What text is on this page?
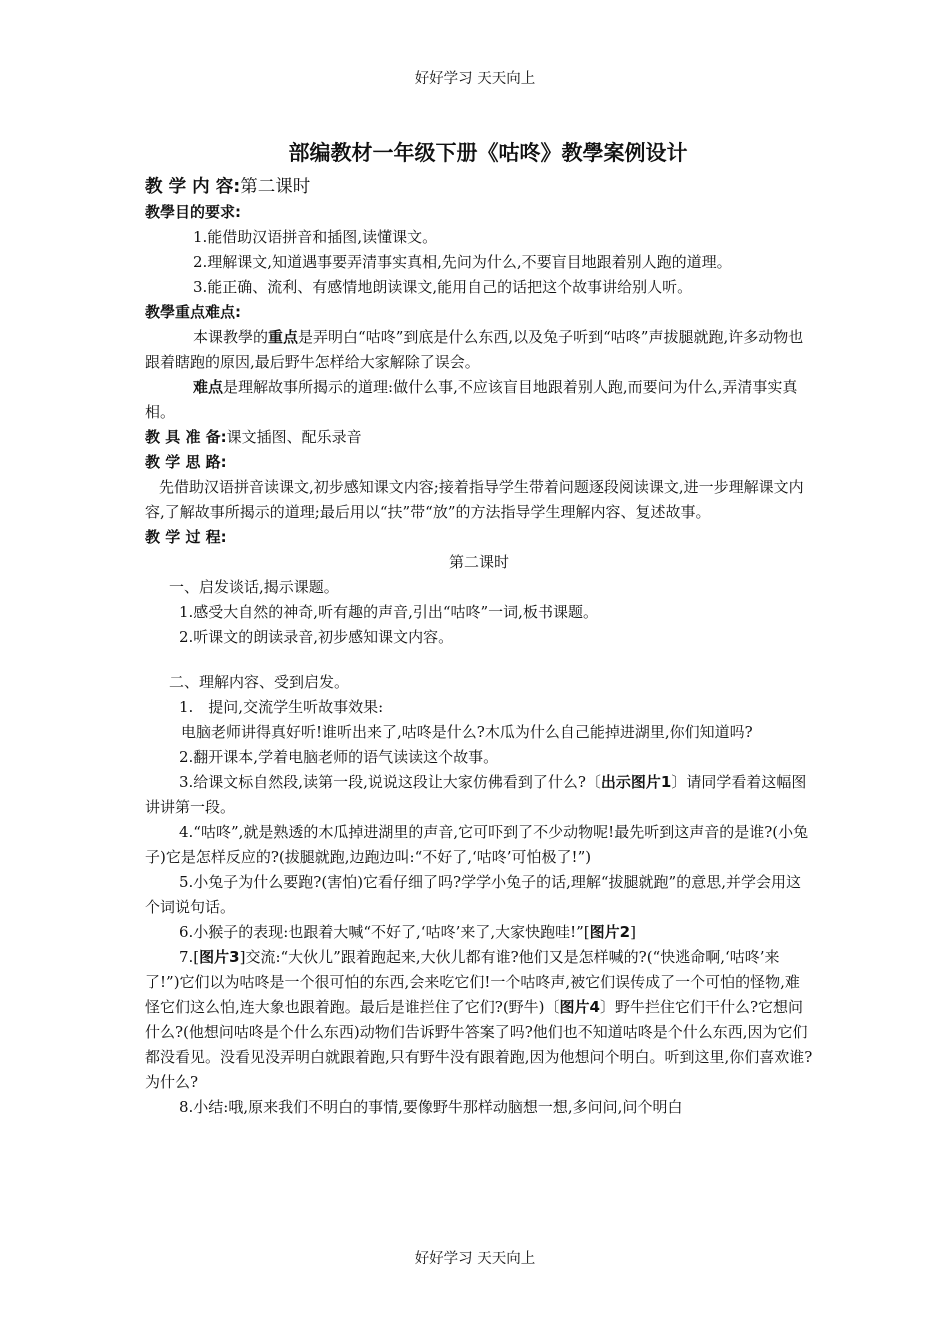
好好学习 天天向上
部编教材一年级下册《咕咚》教學案例设计

教 学 内 容:第二课时

教學目的要求:

1.能借助汉语拼音和插图,读懂课文。

2.理解课文,知道遇事要弄清事实真相,先问为什么,不要盲目地跟着别人跑的道理。

3.能正确、流利、有感情地朗读课文,能用自己的话把这个故事讲给别人听。

教學重点难点:

本课教學的重点是弄明白“咕咚”到底是什么东西,以及兔子听到“咕咚”声拔腿就跑,许多动物也跟着瞎跑的原因,最后野牛怎样给大家解除了误会。

难点是理解故事所揭示的道理:做什么事,不应该盲目地跟着别人跑,而要问为什么,弄清事实真相。

教 具 准 备:课文插图、配乐录音

教 学 思 路:

先借助汉语拼音读课文,初步感知课文内容;接着指导学生带着问题逐段阅读课文,进一步理解课文内容,了解故事所揭示的道理;最后用以“扶”带“放”的方法指导学生理解内容、复述故事。

教 学 过 程:

第二课时

一、启发谈话,揭示课题。

1.感受大自然的神奇,听有趣的声音,引出“咕咚”一词,板书课题。

2.听课文的朗读录音,初步感知课文内容。

二、理解内容、受到启发。

1.　提问,交流学生听故事效果:

电脑老师讲得真好听!谁听出来了,咕咚是什么?木瓜为什么自己能掉进湖里,你们知道吗?

2.翻开课本,学着电脑老师的语气读读这个故事。

3.给课文标自然段,读第一段,说说这段让大家仿佛看到了什么?〔出示图片1〕请同学看着这幅图讲讲第一段。

4.“咕咚”,就是熟透的木瓜掉进湖里的声音,它可吓到了不少动物呢!最先听到这声音的是谁?(小兔子)它是怎样反应的?(拔腿就跑,边跑边叫:“不好了,‘咕咚’可怕极了!”)

5.小兔子为什么要跑?(害怕)它看仔细了吗?学学小兔子的话,理解“拔腿就跑”的意思,并学会用这个词说句话。

6.小猴子的表现:也跟着大喊“不好了,‘咕咚’来了,大家快跑哇!”[图片2]

7.[图片3]交流:“大伙儿”跟着跑起来,大伙儿都有谁?他们又是怎样喊的?(“快逃命啊,‘咕咚’来了!”)它们以为咕咚是一个很可怕的东西,会来吃它们!一个咕咚声,被它们误传成了一个可怕的怪物,难怪它们这么怕,连大象也跟着跑。最后是谁拦住了它们?(野牛)〔图片4〕野牛拦住它们干什么?它想问什么?(他想问咕咚是个什么东西)动物们告诉野牛答案了吗?他们也不知道咕咚是个什么东西,因为它们都没看见。没看见没弄明白就跟着跑,只有野牛没有跟着跑,因为他想问个明白。听到这里,你们喜欢谁?为什么?

8.小结:哦,原来我们不明白的事情,要像野牛那样动脑想一想,多问问,问个明白

好好学习 天天向上
